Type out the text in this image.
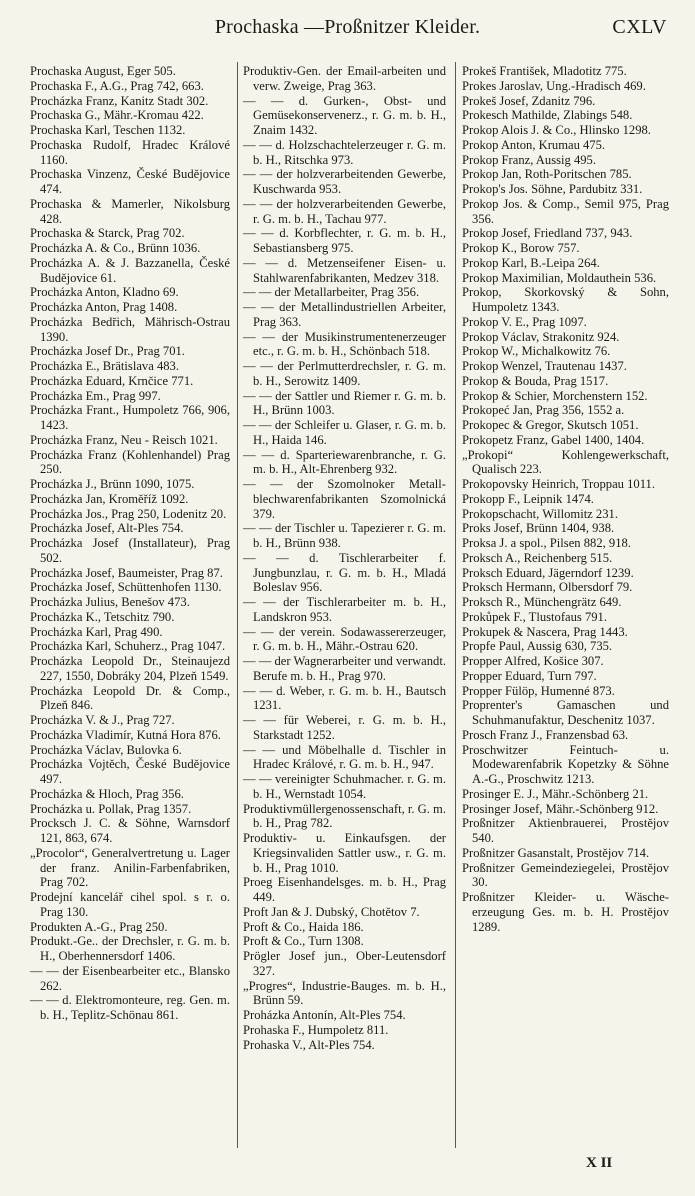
Prochaska —Proßnitzer Kleider.	CXLV
Prochaska August, Eger 505.
Prochaska F., A.G., Prag 742, 663.
Procházka Franz, Kanitz Stadt 302.
Prochaska G., Mähr.-Kromau 422.
Prochaska Karl, Teschen 1132.
Prochaska Rudolf, Hradec Králové 1160.
Prochaska Vinzenz, České Budějovice 474.
Prochaska & Mamerler, Nikolsburg 428.
Prochaska & Starck, Prag 702.
Procházka A. & Co., Brünn 1036.
Procházka A. & J. Bazzanella, České Budějovice 61.
Procházka Anton, Kladno 69.
Procházka Anton, Prag 1408.
Procházka Bedřich, Mährisch-Ostrau 1390.
Procházka Josef Dr., Prag 701.
Procházka E., Brätislava 483.
Procházka Eduard, Krnčice 771.
Procházka Em., Prag 997.
Procházka Frant., Humpoletz 766, 906, 1423.
Procházka Franz, Neu - Reisch 1021.
Procházka Franz (Kohlenhandel) Prag 250.
Procházka J., Brünn 1090, 1075.
Procházka Jan, Kroměříž 1092.
Procházka Jos., Prag 250, Lodenitz 20.
Procházka Josef, Alt-Ples 754.
Procházka Josef (Installateur), Prag 502.
Procházka Josef, Baumeister, Prag 87.
Procházka Josef, Schüttenhofen 1130.
Procházka Julius, Benešov 473.
Procházka K., Tetschitz 790.
Procházka Karl, Prag 490.
Procházka Karl, Schuherz., Prag 1047.
Procházka Leopold Dr., Steinaujezd 227, 1550, Dobráky 204, Plzeň 1549.
Procházka Leopold Dr. & Comp., Plzeň 846.
Procházka V. & J., Prag 727.
Procházka Vladimír, Kutná Hora 876.
Procházka Václav, Bulovka 6.
Procházka Vojtěch, České Budějovice 497.
Procházka & Hloch, Prag 356.
Procházka u. Pollak, Prag 1357.
Procksch J. C. & Söhne, Warnsdorf 121, 863, 674.
„Procolor“, Generalvertretung u. Lager der franz. Anilin-Farbenfabriken, Prag 702.
Prodejní kancelář cihel spol. s r. o. Prag 130.
Produkten A.-G., Prag 250.
Produkt.-Ge.. der Drechsler, r. G. m. b. H., Oberhennersdorf 1406.
— — der Eisenbearbeiter etc., Blansko 262.
— — d. Elektromonteure, reg. Gen. m. b. H., Teplitz-Schönau 861.
Produktiv-Gen. der Email-arbeiten und verw. Zweige, Prag 363.
— — d. Gurken-, Obst- und Gemüsekonservenerz., r. G. m. b. H., Znaim 1432.
— — d. Holzschachtelerzeuger r. G. m. b. H., Ritschka 973.
— — der holzverarbeitenden Gewerbe, Kuschwarda 953.
— — der holzverarbeitenden Gewerbe, r. G. m. b. H., Tachau 977.
— — d. Korbflechter, r. G. m. b. H., Sebastiansberg 975.
— — d. Metzenseifener Eisen- u. Stahlwarenfabrikanten, Medzev 318.
— — der Metallarbeiter, Prag 356.
— — der Metallindustriellen Arbeiter, Prag 363.
— — der Musikinstrumentenerzeuger etc., r. G. m. b. H., Schönbach 518.
— — der Perlmutterdrechsler, r. G. m. b. H., Serowitz 1409.
— — der Sattler und Riemer r. G. m. b. H., Brünn 1003.
— — der Schleifer u. Glaser, r. G. m. b. H., Haida 146.
— — d. Sparteriewarenbranche, r. G. m. b. H., Alt-Ehrenberg 932.
— — der Szomolnoker Metall-blechwarenfabrikanten Szomolnická 379.
— — der Tischler u. Tapezierer r. G. m. b. H., Brünn 938.
— — d. Tischlerarbeiter f. Jungbunzlau, r. G. m. b. H., Mladá Boleslav 956.
— — der Tischlerarbeiter m. b. H., Landskron 953.
— — der verein. Sodawassererzeuger, r. G. m. b. H., Mähr.-Ostrau 620.
— — der Wagnerarbeiter und verwandt. Berufe m. b. H., Prag 970.
— — d. Weber, r. G. m. b. H., Bautsch 1231.
— — für Weberei, r. G. m. b. H., Starkstadt 1252.
— — und Möbelhalle d. Tischler in Hradec Králové, r. G. m. b. H., 947.
— — vereinigter Schuhmacher. r. G. m. b. H., Wernstadt 1054.
Produktivmüllergenossenschaft, r. G. m. b. H., Prag 782.
Produktiv- u. Einkaufsgen. der Kriegsinvaliden Sattler usw., r. G. m. b. H., Prag 1010.
Proeg Eisenhandelsges. m. b. H., Prag 449.
Proft Jan & J. Dubský, Chotětov 7.
Proft & Co., Haida 186.
Proft & Co., Turn 1308.
Prögler Josef jun., Ober-Leutensdorf 327.
„Progres“, Industrie-Bauges. m. b. H., Brünn 59.
Proházka Antonín, Alt-Ples 754.
Prohaska F., Humpoletz 811.
Prohaska V., Alt-Ples 754.
Prokeš František, Mladotitz 775.
Prokes Jaroslav, Ung.-Hradisch 469.
Prokeš Josef, Zdanitz 796.
Prokesch Mathilde, Zlabings 548.
Prokop Alois J. & Co., Hlinsko 1298.
Prokop Anton, Krumau 475.
Prokop Franz, Aussig 495.
Prokop Jan, Roth-Poritschen 785.
Prokop's Jos. Söhne, Pardubitz 331.
Prokop Jos. & Comp., Semil 975, Prag 356.
Prokop Josef, Friedland 737, 943.
Prokop K., Borow 757.
Prokop Karl, B.-Leipa 264.
Prokop Maximilian, Moldauthein 536.
Prokop, Skorkovský & Sohn, Humpoletz 1343.
Prokop V. E., Prag 1097.
Prokop Václav, Strakonitz 924.
Prokop W., Michalkowitz 76.
Prokop Wenzel, Trautenau 1437.
Prokop & Bouda, Prag 1517.
Prokop & Schier, Morchenstern 152.
Prokopeć Jan, Prag 356, 1552 a.
Prokopec & Gregor, Skutsch 1051.
Prokopetz Franz, Gabel 1400, 1404.
„Prokopi“ Kohlengewerkschaft, Qualisch 223.
Prokopovsky Heinrich, Troppau 1011.
Prokopp F., Leipnik 1474.
Prokopschacht, Willomitz 231.
Proks Josef, Brünn 1404, 938.
Proksa J. a spol., Pilsen 882, 918.
Proksch A., Reichenberg 515.
Proksch Eduard, Jägerndorf 1239.
Proksch Hermann, Olbersdorf 79.
Proksch R., Münchengrätz 649.
Prokůpek F., Tlustofaus 791.
Prokupek & Nascera, Prag 1443.
Propfe Paul, Aussig 630, 735.
Propper Alfred, Košice 307.
Propper Eduard, Turn 797.
Propper Fülöp, Humenné 873.
Proprenter's Gamaschen und Schuhmanufaktur, Deschenitz 1037.
Prosch Franz J., Franzensbad 63.
Proschwitzer Feintuch- u. Modewarenfabrik Kopetzky & Söhne A.-G., Proschwitz 1213.
Prosinger E. J., Mähr.-Schönberg 21.
Prosinger Josef, Mähr.-Schönberg 912.
Proßnitzer Aktienbrauerei, Prostějov 540.
Proßnitzer Gasanstalt, Prostějov 714.
Proßnitzer Gemeindeziegelei, Prostějov 30.
Proßnitzer Kleider- u. Wäsche-erzeugung Ges. m. b. H. Prostějov 1289.
X II
